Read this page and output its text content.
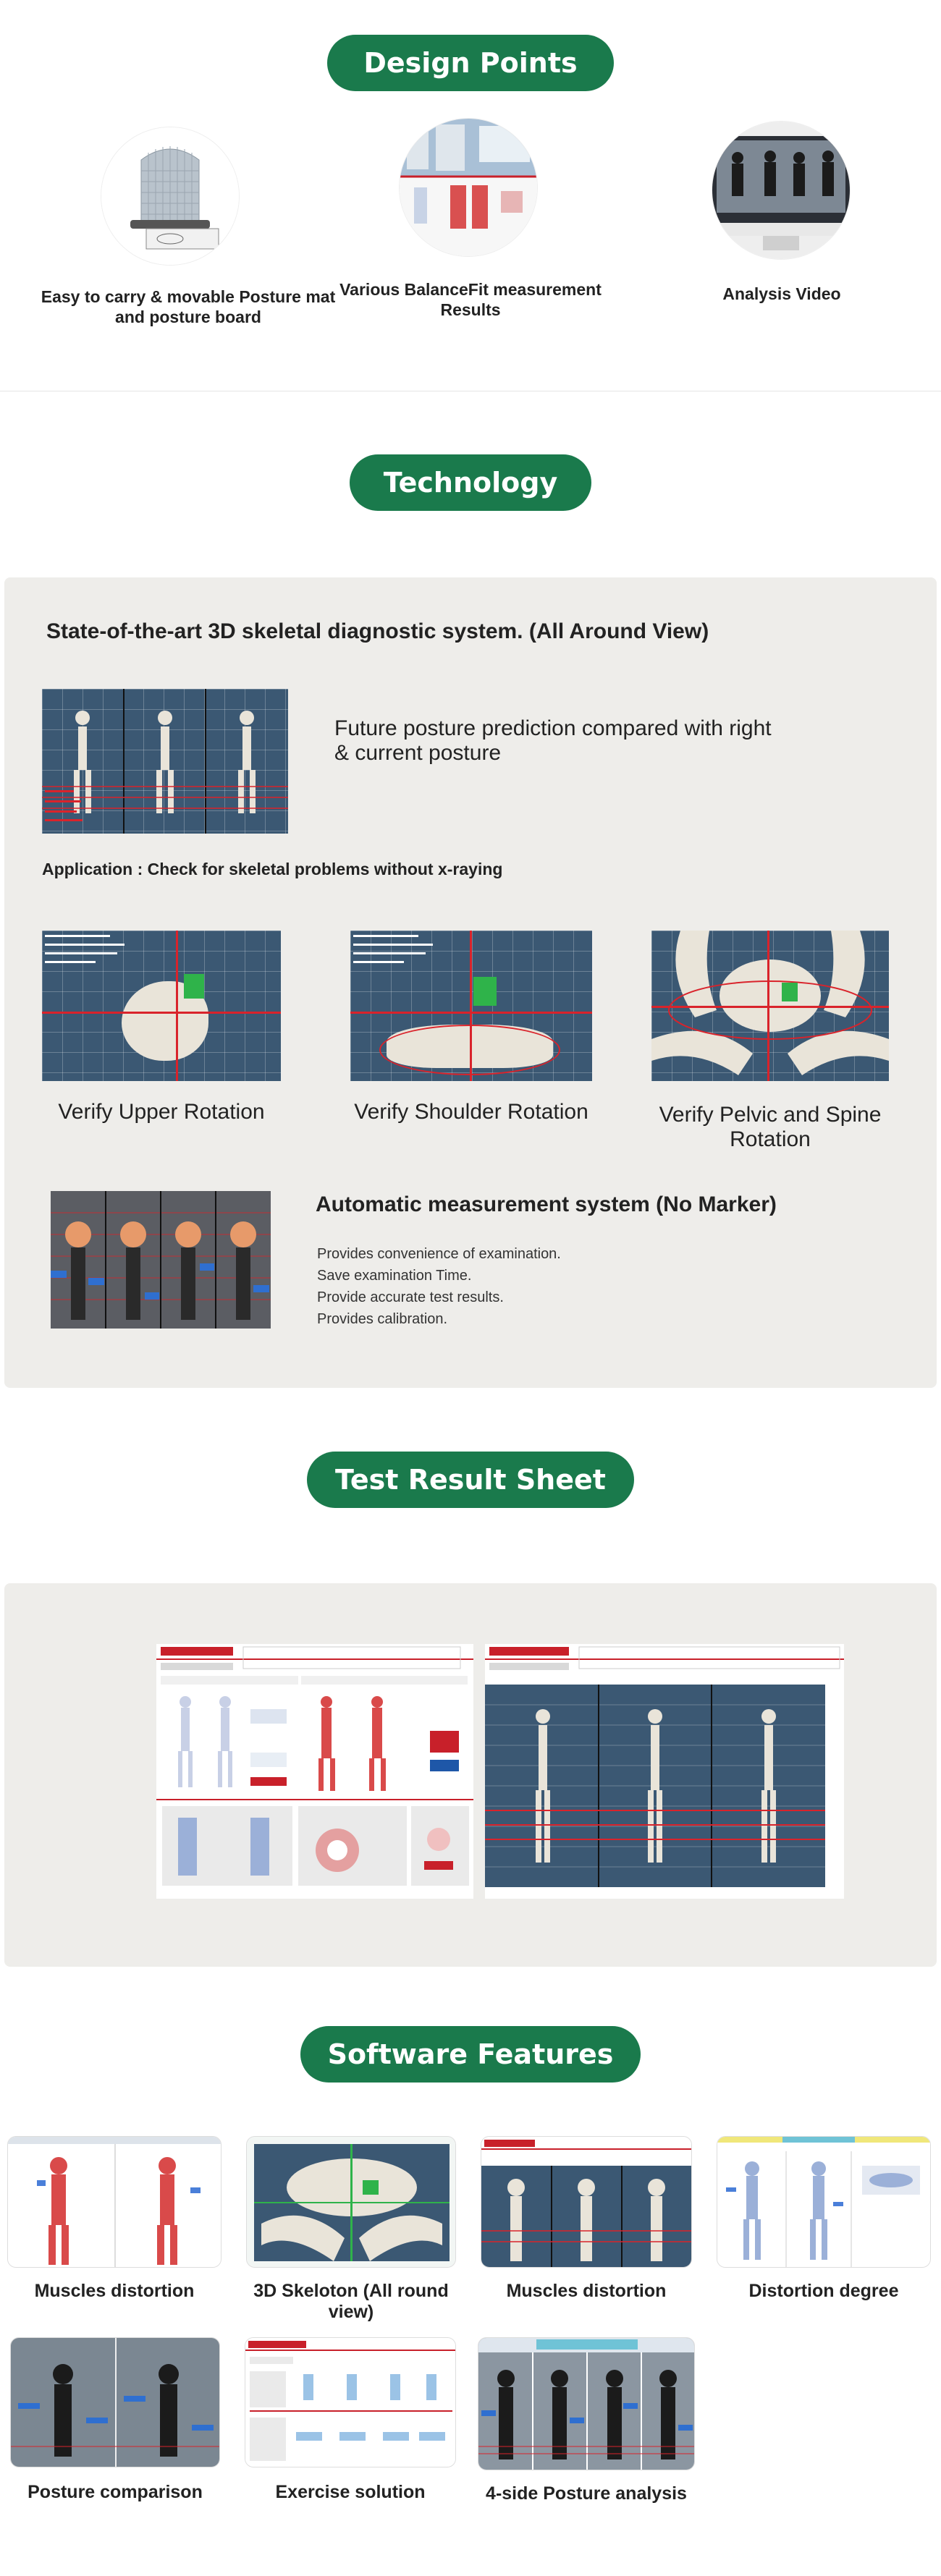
Design Points
Easy to carry & movable Posture mat and posture board
Various BalanceFit measurement Results
Analysis Video
Technology
State-of-the-art 3D skeletal diagnostic system. (All Around View)
Future posture prediction compared with right & current posture
Application : Check for skeletal problems without x-raying
Verify Upper Rotation	Verify Shoulder Rotation	Verify Pelvic and Spine Rotation
Automatic measurement system (No Marker)
Provides convenience of examination.
Save examination Time.
Provide accurate test results.
Provides calibration.
Test Result Sheet
Software Features
Muscles distortion	3D Skeloton (All round view)
Muscles distortion	Distortion degree
Posture comparison	Exercise solution	4-side Posture analysis
